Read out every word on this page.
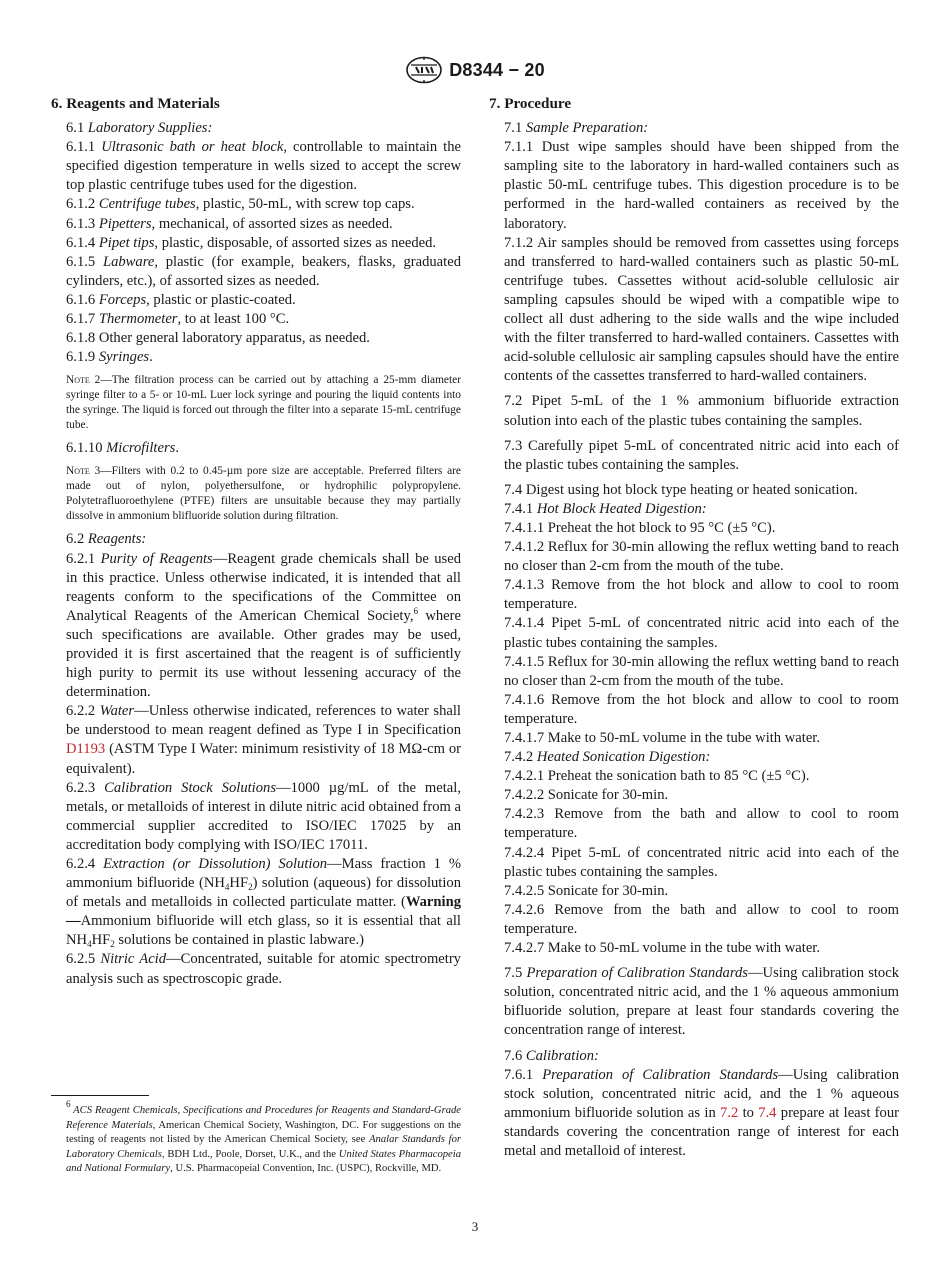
D8344 − 20

6. Reagents and Materials

6.1 Laboratory Supplies:

6.1.1 Ultrasonic bath or heat block, controllable to maintain the specified digestion temperature in wells sized to accept the screw top plastic centrifuge tubes used for the digestion.

6.1.2 Centrifuge tubes, plastic, 50-mL, with screw top caps.

6.1.3 Pipetters, mechanical, of assorted sizes as needed.

6.1.4 Pipet tips, plastic, disposable, of assorted sizes as needed.

6.1.5 Labware, plastic (for example, beakers, flasks, graduated cylinders, etc.), of assorted sizes as needed.

6.1.6 Forceps, plastic or plastic-coated.

6.1.7 Thermometer, to at least 100 °C.

6.1.8 Other general laboratory apparatus, as needed.

6.1.9 Syringes.

Note 2—The filtration process can be carried out by attaching a 25-mm diameter syringe filter to a 5- or 10-mL Luer lock syringe and pouring the liquid contents into the syringe. The liquid is forced out through the filter into a separate 15-mL centrifuge tube.

6.1.10 Microfilters.

Note 3—Filters with 0.2 to 0.45-µm pore size are acceptable. Preferred filters are made out of nylon, polyethersulfone, or hydrophilic polypropylene. Polytetrafluoroethylene (PTFE) filters are unsuitable because they may partially dissolve in ammonium blifluoride solution during filtration.

6.2 Reagents:

6.2.1 Purity of Reagents—Reagent grade chemicals shall be used in this practice. Unless otherwise indicated, it is intended that all reagents conform to the specifications of the Committee on Analytical Reagents of the American Chemical Society,$^6$ where such specifications are available. Other grades may be used, provided it is first ascertained that the reagent is of sufficiently high purity to permit its use without lessening accuracy of the determination.

6.2.2 Water—Unless otherwise indicated, references to water shall be understood to mean reagent defined as Type I in Specification D1193 (ASTM Type I Water: minimum resistivity of 18 MΩ-cm or equivalent).

6.2.3 Calibration Stock Solutions—1000 µg/mL of the metal, metals, or metalloids of interest in dilute nitric acid obtained from a commercial supplier accredited to ISO/IEC 17025 by an accreditation body complying with ISO/IEC 17011.

6.2.4 Extraction (or Dissolution) Solution—Mass fraction 1 % ammonium bifluoride $(NH_4HF_2)$ solution (aqueous) for dissolution of metals and metalloids in collected particulate matter. (Warning—Ammonium bifluoride will etch glass, so it is essential that all $NH_4HF_2$ solutions be contained in plastic labware.)

6.2.5 Nitric Acid—Concentrated, suitable for atomic spectrometry analysis such as spectroscopic grade.

$^6$ ACS Reagent Chemicals, Specifications and Procedures for Reagents and Standard-Grade Reference Materials, American Chemical Society, Washington, DC. For suggestions on the testing of reagents not listed by the American Chemical Society, see Analar Standards for Laboratory Chemicals, BDH Ltd., Poole, Dorset, U.K., and the United States Pharmacopeia and National Formulary, U.S. Pharmacopeial Convention, Inc. (USPC), Rockville, MD.

7. Procedure

7.1 Sample Preparation:

7.1.1 Dust wipe samples should have been shipped from the sampling site to the laboratory in hard-walled containers such as plastic 50-mL centrifuge tubes. This digestion procedure is to be performed in the hard-walled containers as received by the laboratory.

7.1.2 Air samples should be removed from cassettes using forceps and transferred to hard-walled containers such as plastic 50-mL centrifuge tubes. Cassettes without acid-soluble cellulosic air sampling capsules should be wiped with a compatible wipe to collect all dust adhering to the side walls and the wipe included with the filter transferred to hard-walled containers. Cassettes with acid-soluble cellulosic air sampling capsules should have the entire contents of the cassettes transferred to hard-walled containers.

7.2 Pipet 5-mL of the 1 % ammonium bifluoride extraction solution into each of the plastic tubes containing the samples.

7.3 Carefully pipet 5-mL of concentrated nitric acid into each of the plastic tubes containing the samples.

7.4 Digest using hot block type heating or heated sonication.

7.4.1 Hot Block Heated Digestion:

7.4.1.1 Preheat the hot block to 95 °C (±5 °C).

7.4.1.2 Reflux for 30-min allowing the reflux wetting band to reach no closer than 2-cm from the mouth of the tube.

7.4.1.3 Remove from the hot block and allow to cool to room temperature.

7.4.1.4 Pipet 5-mL of concentrated nitric acid into each of the plastic tubes containing the samples.

7.4.1.5 Reflux for 30-min allowing the reflux wetting band to reach no closer than 2-cm from the mouth of the tube.

7.4.1.6 Remove from the hot block and allow to cool to room temperature.

7.4.1.7 Make to 50-mL volume in the tube with water.

7.4.2 Heated Sonication Digestion:

7.4.2.1 Preheat the sonication bath to 85 °C (±5 °C).

7.4.2.2 Sonicate for 30-min.

7.4.2.3 Remove from the bath and allow to cool to room temperature.

7.4.2.4 Pipet 5-mL of concentrated nitric acid into each of the plastic tubes containing the samples.

7.4.2.5 Sonicate for 30-min.

7.4.2.6 Remove from the bath and allow to cool to room temperature.

7.4.2.7 Make to 50-mL volume in the tube with water.

7.5 Preparation of Calibration Standards—Using calibration stock solution, concentrated nitric acid, and the 1 % aqueous ammonium bifluoride solution, prepare at least four standards covering the concentration range of interest.

7.6 Calibration:

7.6.1 Preparation of Calibration Standards—Using calibration stock solution, concentrated nitric acid, and the 1 % aqueous ammonium bifluoride solution as in 7.2 to 7.4 prepare at least four standards covering the concentration range of interest for each metal and metalloid of interest.

3
